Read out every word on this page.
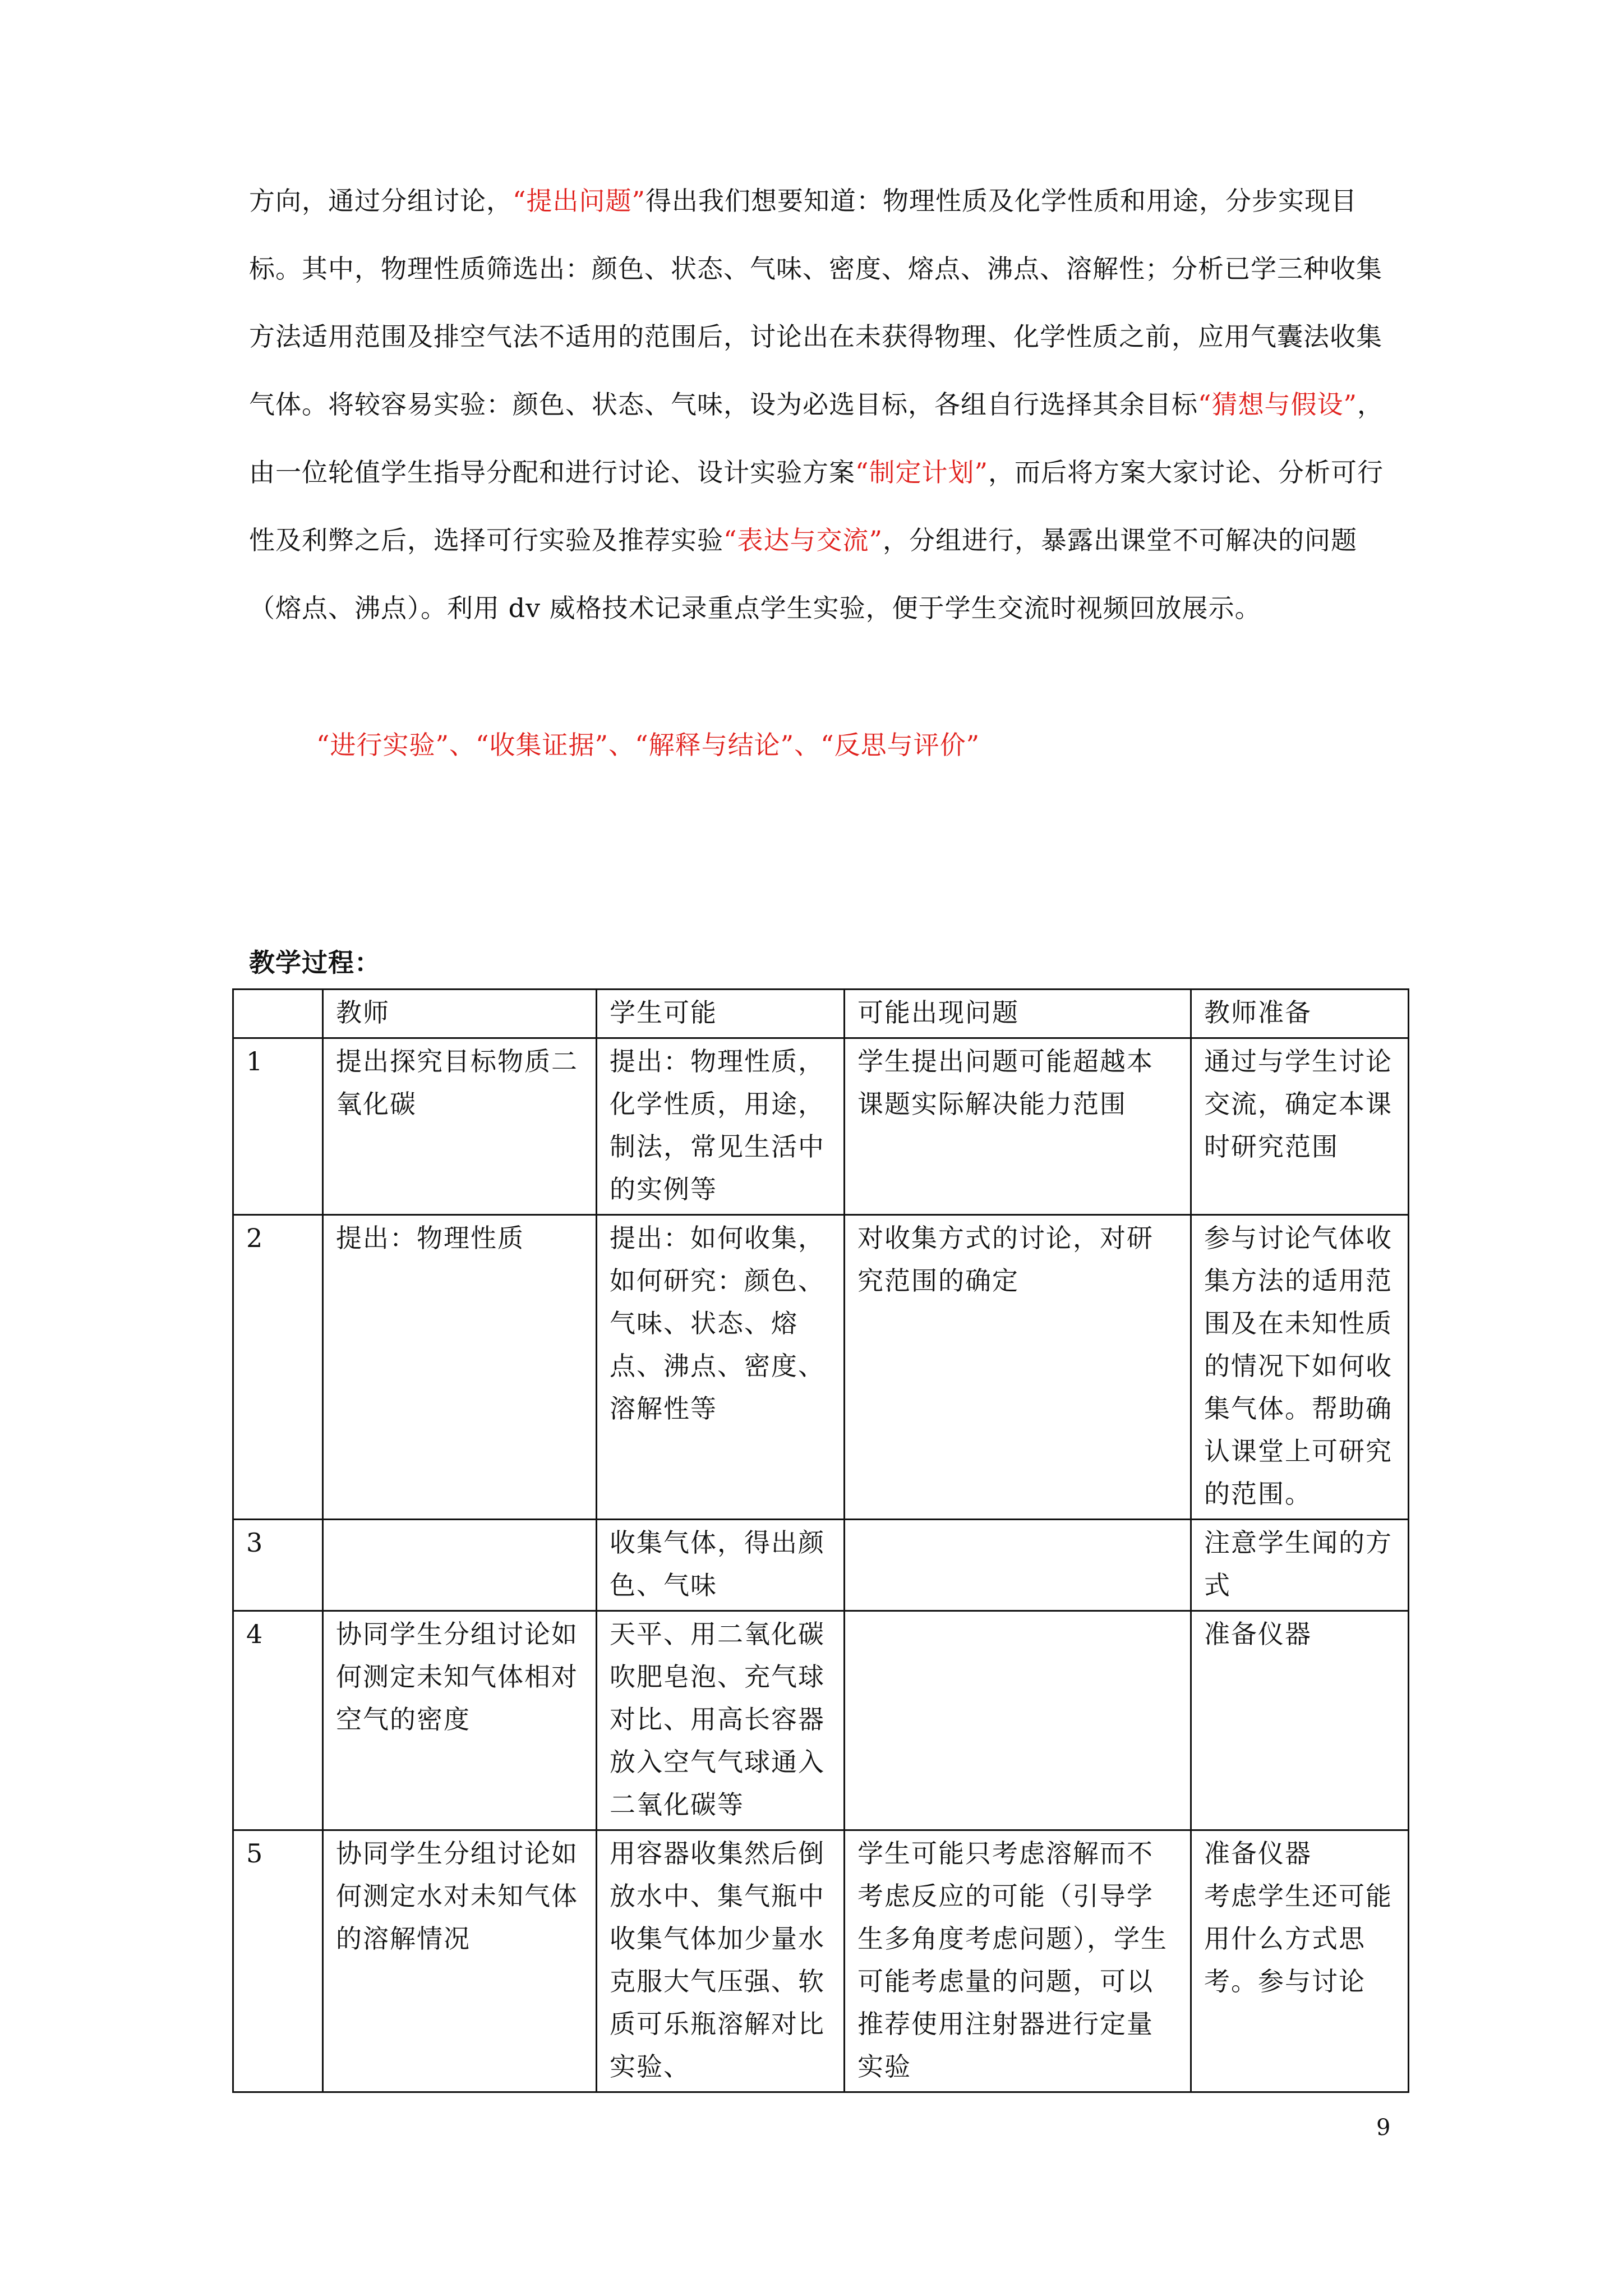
方向，通过分组讨论，“提出问题”得出我们想要知道：物理性质及化学性质和用途，分步实现目标。其中，物理性质筛选出：颜色、状态、气味、密度、熔点、沸点、溶解性；分析已学三种收集方法适用范围及排空气法不适用的范围后，讨论出在未获得物理、化学性质之前，应用气囊法收集气体。将较容易实验：颜色、状态、气味，设为必选目标，各组自行选择其余目标“猜想与假设”，由一位轮值学生指导分配和进行讨论、设计实验方案“制定计划”，而后将方案大家讨论、分析可行性及利弊之后，选择可行实验及推荐实验“表达与交流”，分组进行，暴露出课堂不可解决的问题（熔点、沸点）。利用 dv 威格技术记录重点学生实验，便于学生交流时视频回放展示。
“进行实验”、“收集证据”、“解释与结论”、“反思与评价”
教学过程：
	教师	学生可能	可能出现问题	教师准备
1	提出探究目标物质二氧化碳	提出：物理性质，化学性质，用途，制法，常见生活中的实例等	学生提出问题可能超越本课题实际解决能力范围	通过与学生讨论交流，确定本课时研究范围
2	提出：物理性质	提出：如何收集，如何研究：颜色、气味、状态、熔点、沸点、密度、溶解性等	对收集方式的讨论，对研究范围的确定	参与讨论气体收集方法的适用范围及在未知性质的情况下如何收集气体。帮助确认课堂上可研究的范围。
3		收集气体，得出颜色、气味		注意学生闻的方式
4	协同学生分组讨论如何测定未知气体相对空气的密度	天平、用二氧化碳吹肥皂泡、充气球对比、用高长容器放入空气气球通入二氧化碳等		准备仪器
5	协同学生分组讨论如何测定水对未知气体的溶解情况	用容器收集然后倒放水中、集气瓶中收集气体加少量水克服大气压强、软质可乐瓶溶解对比实验、	学生可能只考虑溶解而不考虑反应的可能（引导学生多角度考虑问题），学生可能考虑量的问题，可以推荐使用注射器进行定量实验	准备仪器
考虑学生还可能用什么方式思考。参与讨论
9
